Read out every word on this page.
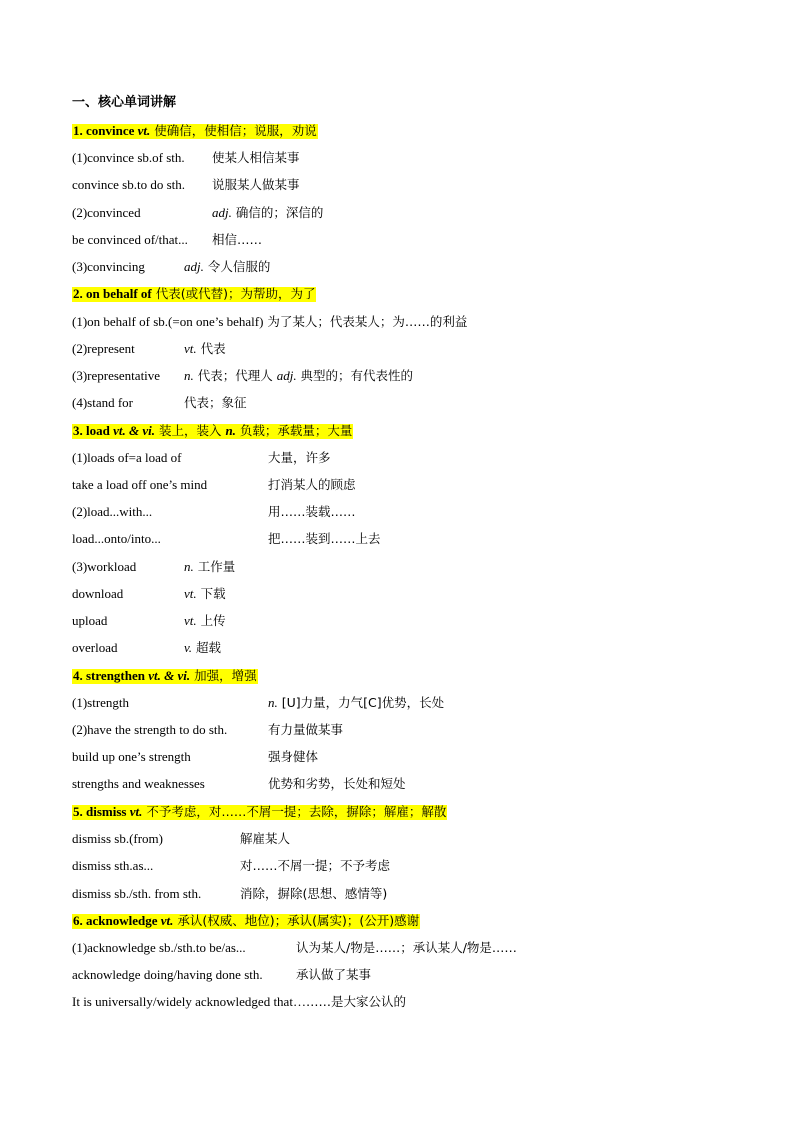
一、核心单词讲解
1. convince vt. 使确信，使相信；说服，劝说
(1)convince sb.of sth. 使某人相信某事
convince sb.to do sth. 说服某人做某事
(2)convinced	adj. 确信的；深信的
be convinced of/that... 相信……
(3)convincing	adj. 令人信服的
2. on behalf of 代表(或代替)；为帮助，为了
(1)on behalf of sb.(=on one’s behalf) 为了某人；代表某人；为……的利益
(2)represent	vt. 代表
(3)representative n. 代表；代理人 adj. 典型的；有代表性的
(4)stand for	代表；象征
3. load vt. & vi. 装上，装入 n. 负载；承载量；大量
(1)loads of=a load of	大量，许多
take a load off one’s mind	打消某人的顾虑
(2)load...with...	用……装载……
load...onto/into...	把……装到……上去
(3)workload	n. 工作量
download	vt. 下载
upload	vt. 上传
overload	v. 超载
4. strengthen vt. & vi. 加强，增强
(1)strength	n. [U]力量，力气[C]优势，长处
(2)have the strength to do sth.	有力量做某事
build up one’s strength	强身健体
strengths and weaknesses	优势和劣势，长处和短处
5. dismiss vt. 不予考虑，对……不屑一提；去除，摒除；解雇；解散
dismiss sb.(from)	解雇某人
dismiss sth.as...	对……不屑一提；不予考虑
dismiss sb./sth. from sth.	消除，摒除(思想、感情等)
6. acknowledge vt. 承认(权威、地位)；承认(属实)；(公开)感谢
(1)acknowledge sb./sth.to be/as...	认为某人/物是……；承认某人/物是……
acknowledge doing/having done sth.	承认做了某事
It is universally/widely acknowledged that………是大家公认的
